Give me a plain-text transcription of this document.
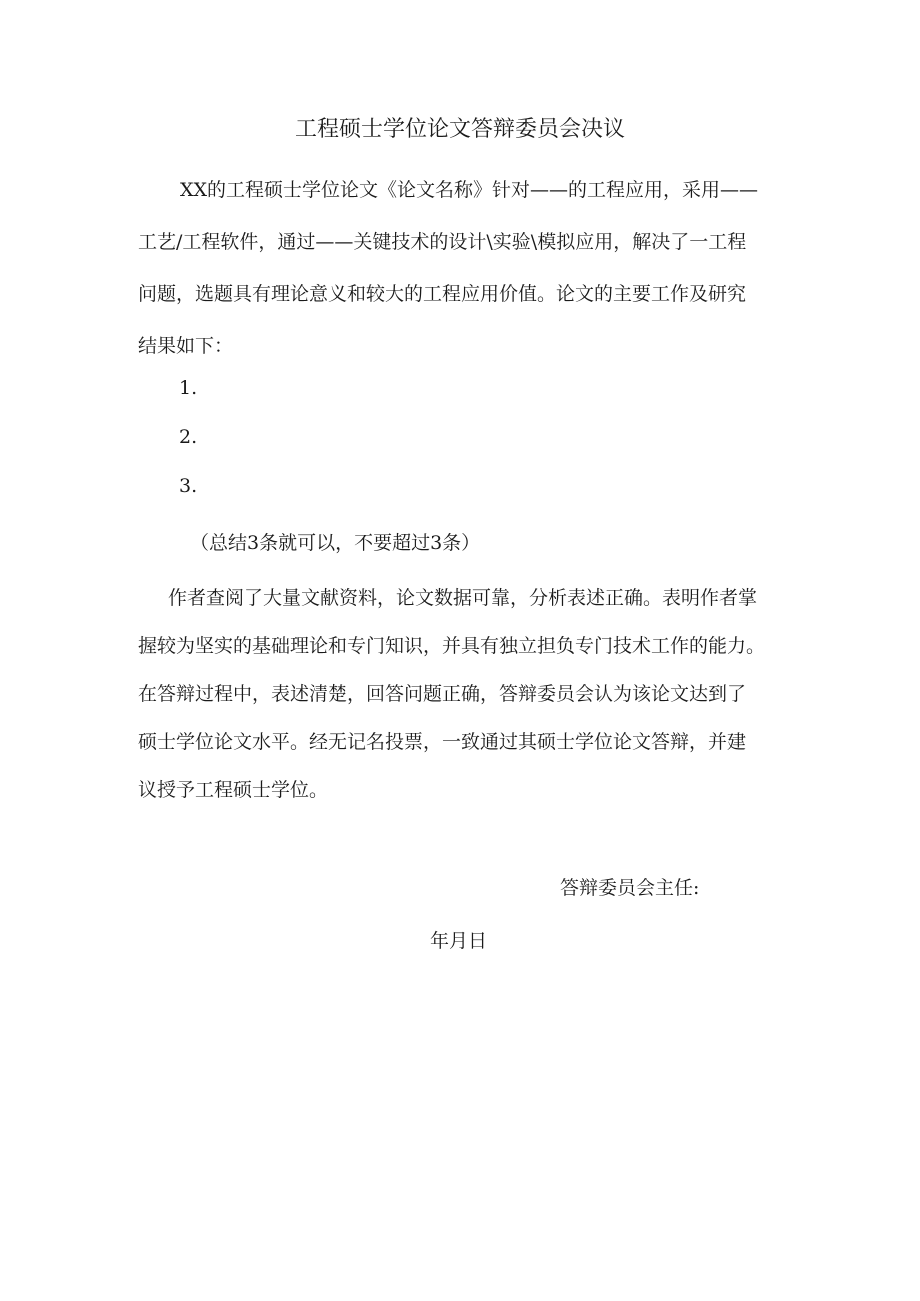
工程硕士学位论文答辩委员会决议
XX的工程硕士学位论文《论文名称》针对——的工程应用，采用——
工艺/工程软件，通过——关键技术的设计\实验\模拟应用，解决了一工程
问题，选题具有理论意义和较大的工程应用价值。论文的主要工作及研究
结果如下：
1.
2.
3.
（总结3条就可以，不要超过3条）
作者查阅了大量文献资料，论文数据可靠，分析表述正确。表明作者掌
握较为坚实的基础理论和专门知识，并具有独立担负专门技术工作的能力。
在答辩过程中，表述清楚，回答问题正确，答辩委员会认为该论文达到了
硕士学位论文水平。经无记名投票，一致通过其硕士学位论文答辩，并建
议授予工程硕士学位。
答辩委员会主任:
年月日
